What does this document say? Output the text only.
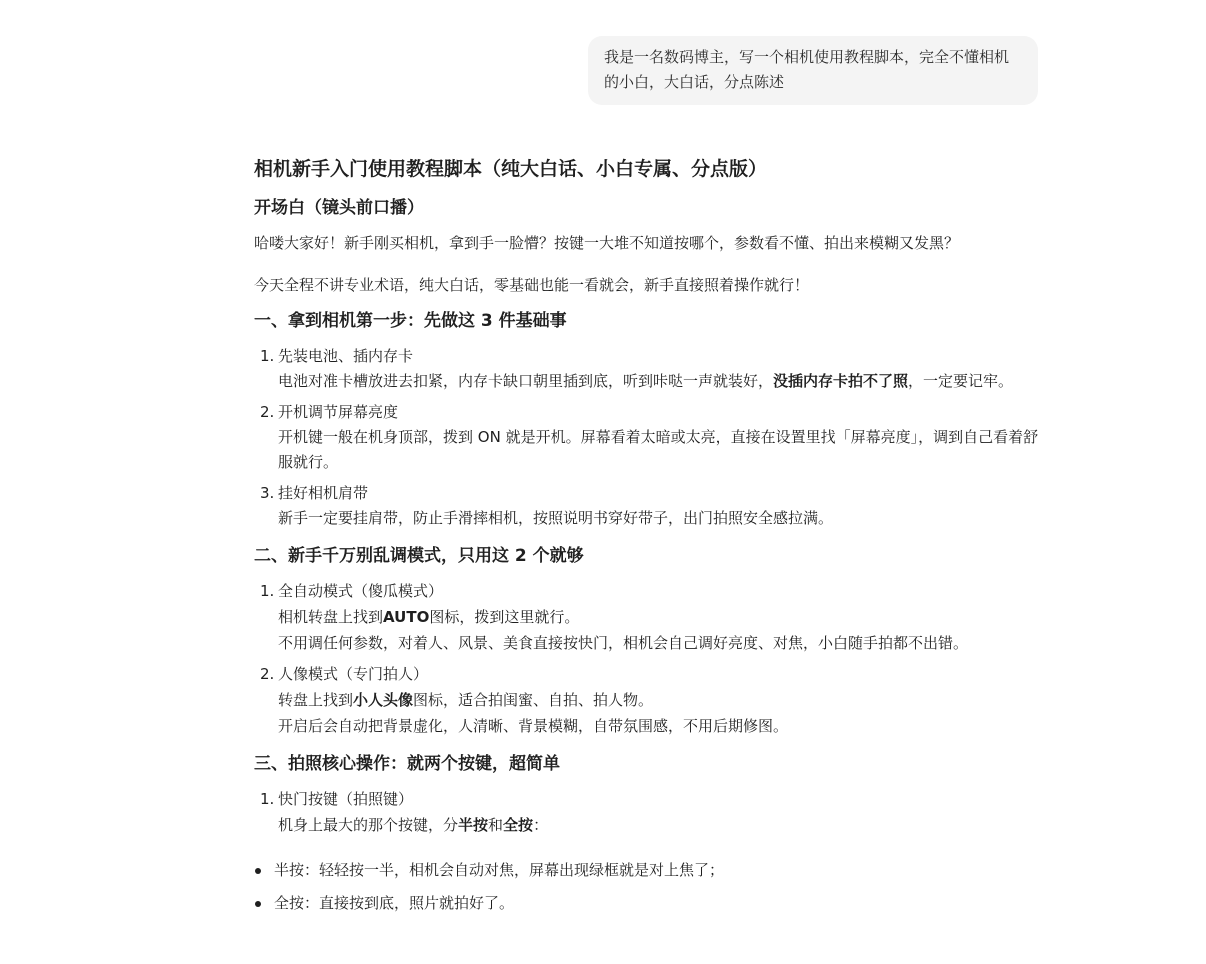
我是一名数码博主，写一个相机使用教程脚本，完全不懂相机的小白，大白话，分点陈述
相机新手入门使用教程脚本（纯大白话、小白专属、分点版）
开场白（镜头前口播）

哈喽大家好！新手刚买相机，拿到手一脸懵？按键一大堆不知道按哪个，参数看不懂、拍出来模糊又发黑？

今天全程不讲专业术语，纯大白话，零基础也能一看就会，新手直接照着操作就行！

一、拿到相机第一步：先做这 3 件基础事
1. 先装电池、插内存卡
电池对准卡槽放进去扣紧，内存卡缺口朝里插到底，听到咔哒一声就装好，没插内存卡拍不了照，一定要记牢。
2. 开机调节屏幕亮度
开机键一般在机身顶部，拨到 ON 就是开机。屏幕看着太暗或太亮，直接在设置里找「屏幕亮度」，调到自己看着舒服就行。
3. 挂好相机肩带
新手一定要挂肩带，防止手滑摔相机，按照说明书穿好带子，出门拍照安全感拉满。
二、新手千万别乱调模式，只用这 2 个就够
1. 全自动模式（傻瓜模式）
相机转盘上找到AUTO图标，拨到这里就行。
不用调任何参数，对着人、风景、美食直接按快门，相机会自己调好亮度、对焦，小白随手拍都不出错。
2. 人像模式（专门拍人）
转盘上找到小人头像图标，适合拍闺蜜、自拍、拍人物。
开启后会自动把背景虚化，人清晰、背景模糊，自带氛围感，不用后期修图。
三、拍照核心操作：就两个按键，超简单
1. 快门按键（拍照键）
机身上最大的那个按键，分半按和全按：
半按：轻轻按一半，相机会自动对焦，屏幕出现绿框就是对上焦了；
全按：直接按到底，照片就拍好了。
